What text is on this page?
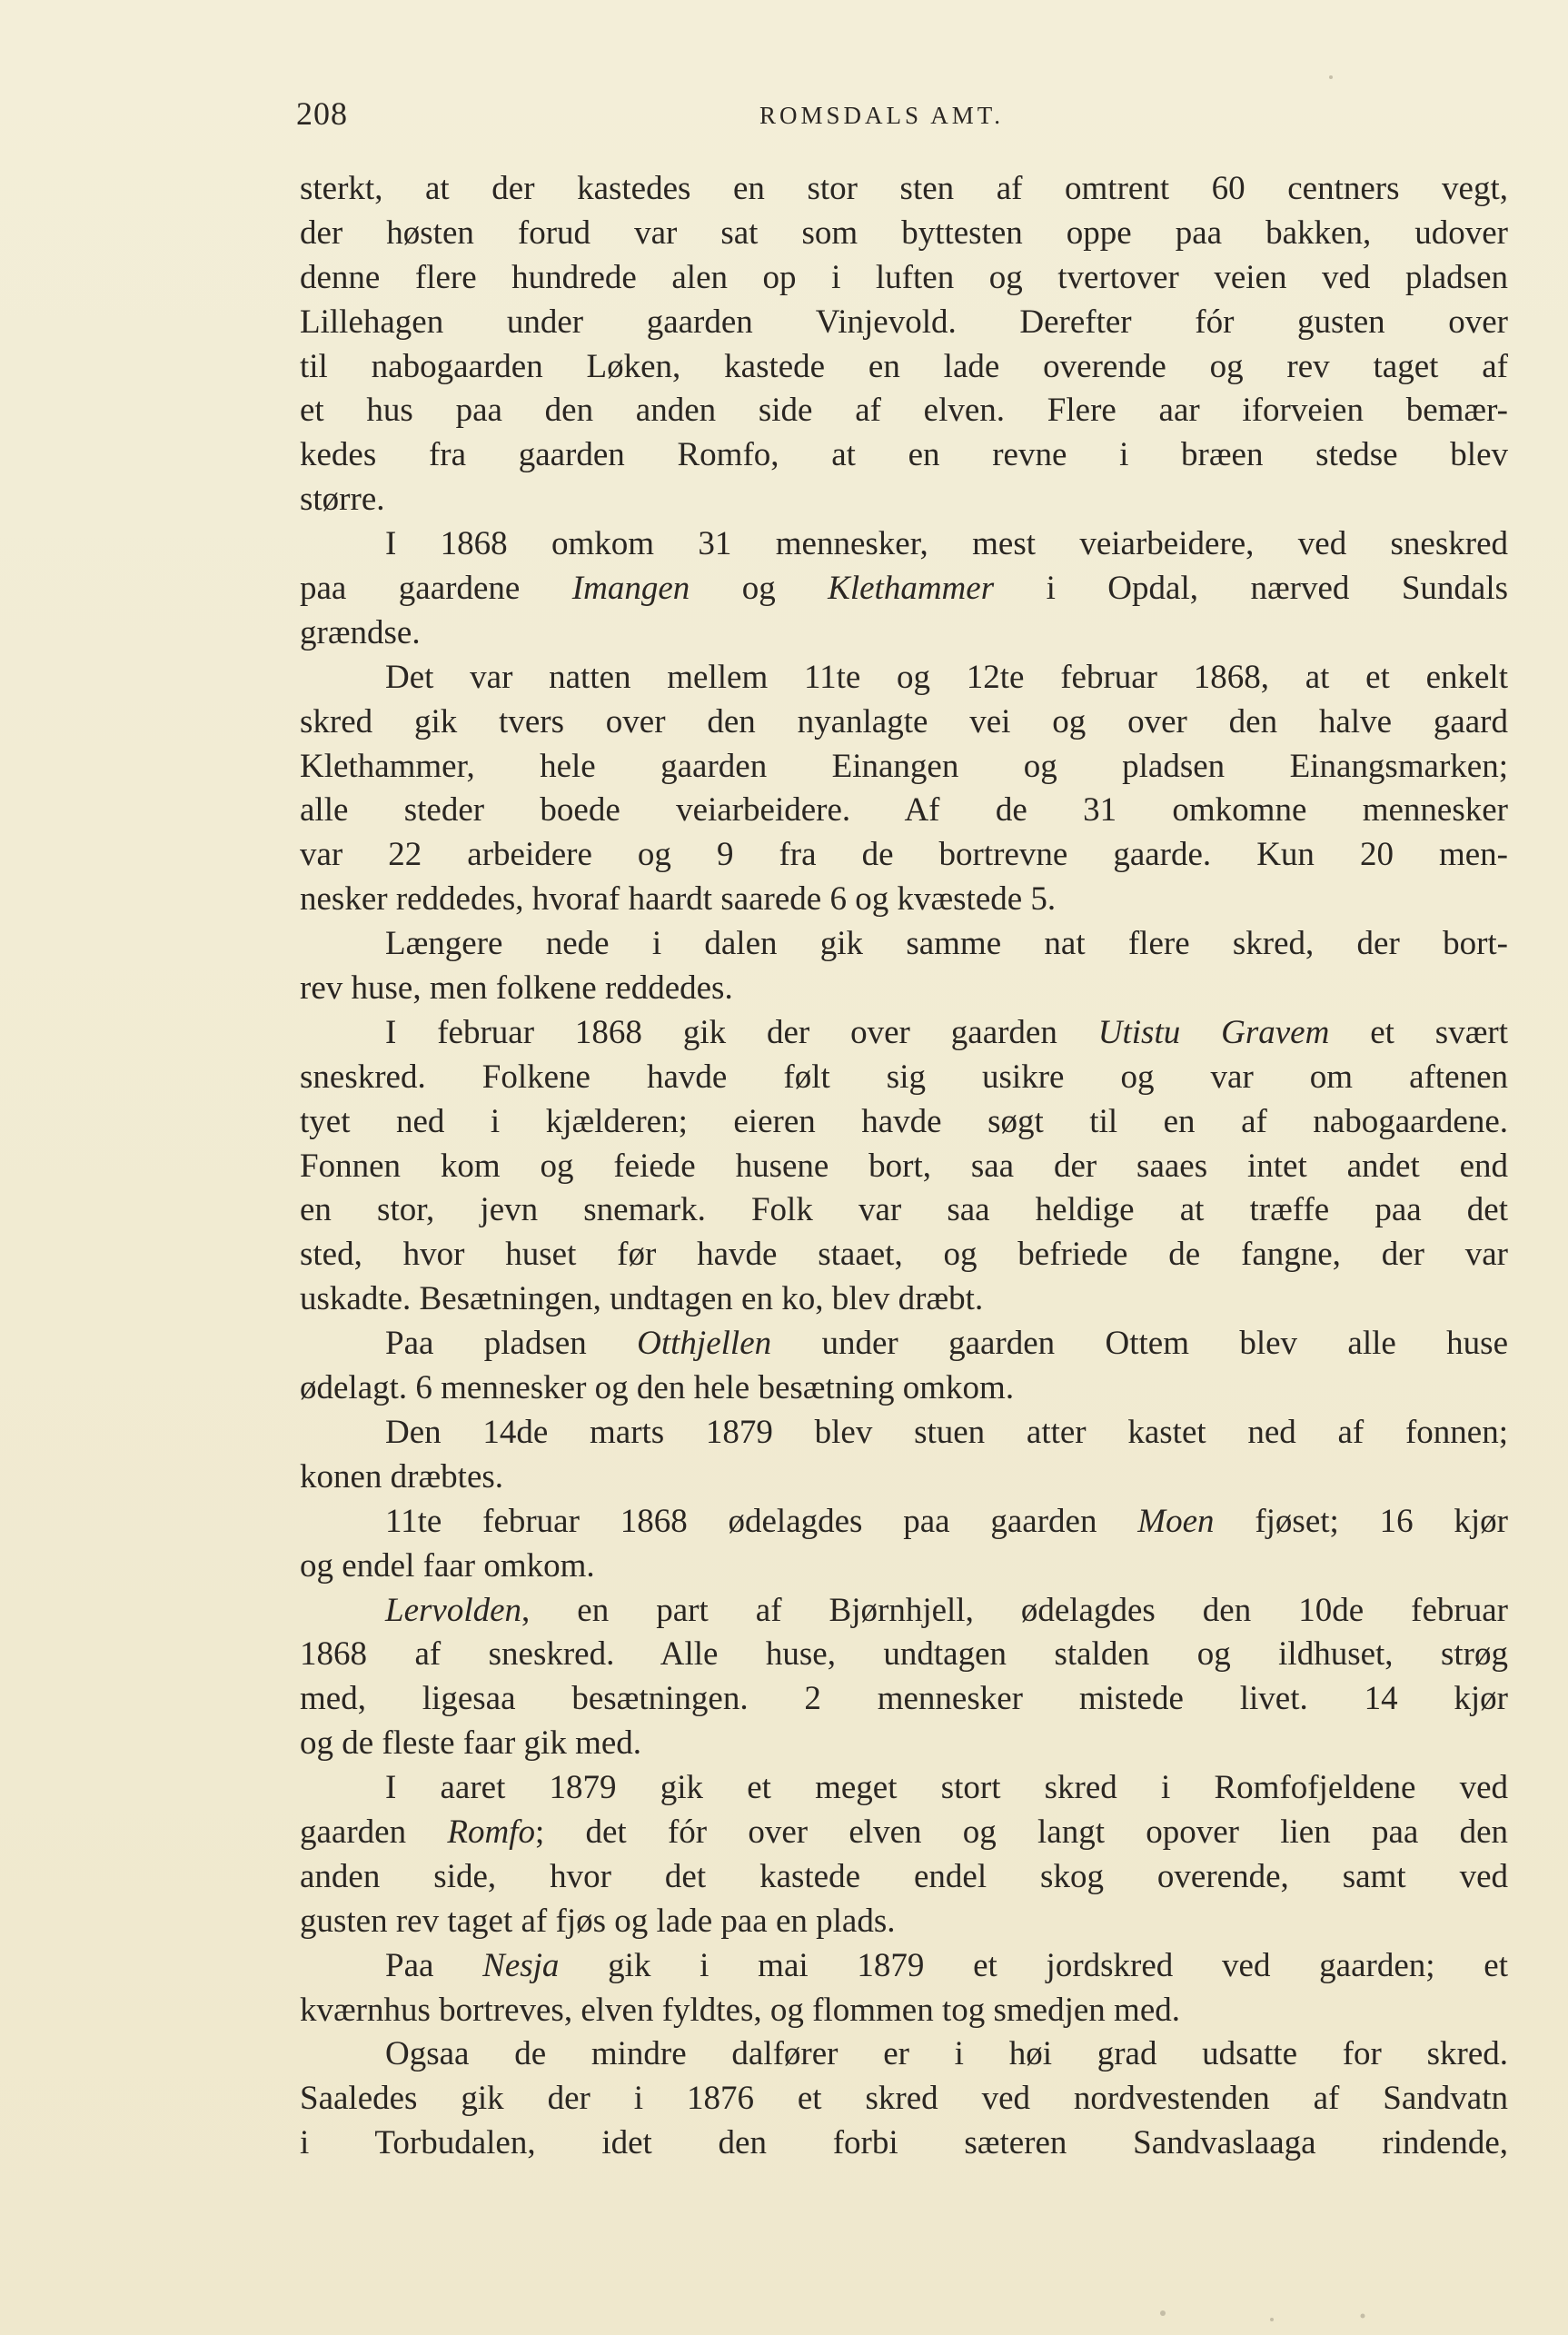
208	ROMSDALS AMT.
sterkt, at der kastedes en stor sten af omtrent 60 centners vegt,
der høsten forud var sat som byttesten oppe paa bakken, udover
denne flere hundrede alen op i luften og tvertover veien ved pladsen
Lillehagen under gaarden Vinjevold. Derefter fór gusten over
til nabogaarden Løken, kastede en lade overende og rev taget af
et hus paa den anden side af elven. Flere aar iforveien bemær-
kedes fra gaarden Romfo, at en revne i bræen stedse blev
større.
I 1868 omkom 31 mennesker, mest veiarbeidere, ved sneskred
paa gaardene Imangen og Klethammer i Opdal, nærved Sundals
grændse.
Det var natten mellem 11te og 12te februar 1868, at et enkelt
skred gik tvers over den nyanlagte vei og over den halve gaard
Klethammer, hele gaarden Einangen og pladsen Einangsmarken;
alle steder boede veiarbeidere. Af de 31 omkomne mennesker
var 22 arbeidere og 9 fra de bortrevne gaarde. Kun 20 men-
nesker reddedes, hvoraf haardt saarede 6 og kvæstede 5.
Længere nede i dalen gik samme nat flere skred, der bort-
rev huse, men folkene reddedes.
I februar 1868 gik der over gaarden Utistu Gravem et svært
sneskred. Folkene havde følt sig usikre og var om aftenen
tyet ned i kjælderen; eieren havde søgt til en af nabogaardene.
Fonnen kom og feiede husene bort, saa der saaes intet andet end
en stor, jevn snemark. Folk var saa heldige at træffe paa det
sted, hvor huset før havde staaet, og befriede de fangne, der var
uskadte. Besætningen, undtagen en ko, blev dræbt.
Paa pladsen Otthjellen under gaarden Ottem blev alle huse
ødelagt. 6 mennesker og den hele besætning omkom.
Den 14de marts 1879 blev stuen atter kastet ned af fonnen;
konen dræbtes.
11te februar 1868 ødelagdes paa gaarden Moen fjøset; 16 kjør
og endel faar omkom.
Lervolden, en part af Bjørnhjell, ødelagdes den 10de februar
1868 af sneskred. Alle huse, undtagen stalden og ildhuset, strøg
med, ligesaa besætningen. 2 mennesker mistede livet. 14 kjør
og de fleste faar gik med.
I aaret 1879 gik et meget stort skred i Romfofjeldene ved
gaarden Romfo; det fór over elven og langt opover lien paa den
anden side, hvor det kastede endel skog overende, samt ved
gusten rev taget af fjøs og lade paa en plads.
Paa Nesja gik i mai 1879 et jordskred ved gaarden; et
kværnhus bortreves, elven fyldtes, og flommen tog smedjen med.
Ogsaa de mindre dalfører er i høi grad udsatte for skred.
Saaledes gik der i 1876 et skred ved nordvestenden af Sandvatn
i Torbudalen, idet den forbi sæteren Sandvaslaaga rindende,
